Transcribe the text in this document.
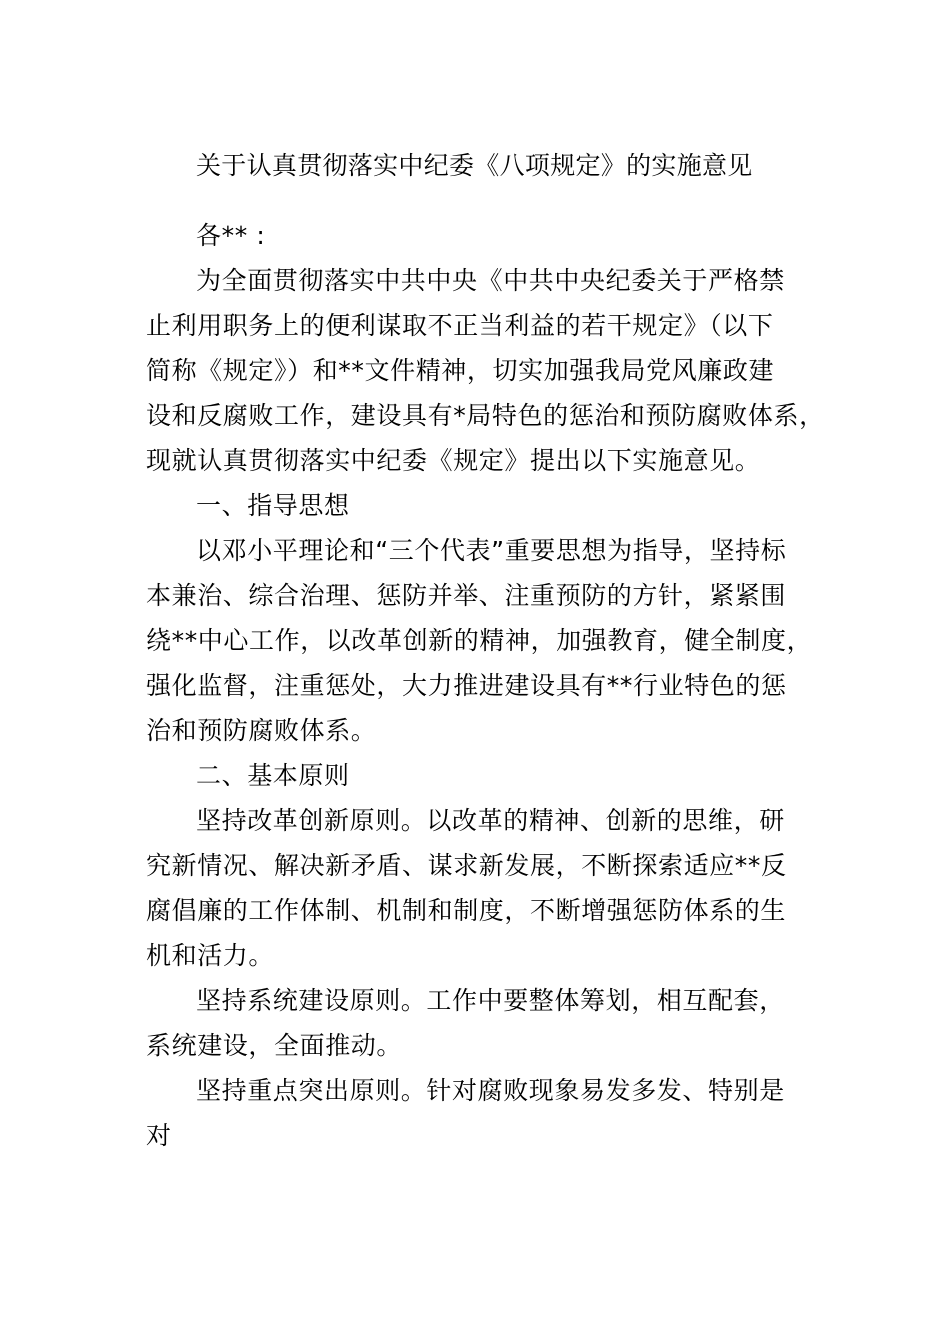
关于认真贯彻落实中纪委《八项规定》的实施意见
各** :
为全面贯彻落实中共中央《中共中央纪委关于严格禁
止利用职务上的便利谋取不正当利益的若干规定》（以下
简称《规定》）和**文件精神，切实加强我局党风廉政建
设和反腐败工作，建设具有*局特色的惩治和预防腐败体系，
现就认真贯彻落实中纪委《规定》提出以下实施意见。
一、指导思想
以邓小平理论和“三个代表”重要思想为指导，坚持标
本兼治、综合治理、惩防并举、注重预防的方针，紧紧围
绕**中心工作，以改革创新的精神，加强教育，健全制度，
强化监督，注重惩处，大力推进建设具有**行业特色的惩
治和预防腐败体系。
二、基本原则
坚持改革创新原则。以改革的精神、创新的思维，研
究新情况、解决新矛盾、谋求新发展，不断探索适应**反
腐倡廉的工作体制、机制和制度，不断增强惩防体系的生
机和活力。
坚持系统建设原则。工作中要整体筹划，相互配套，
系统建设，全面推动。
坚持重点突出原则。针对腐败现象易发多发、特别是
对
